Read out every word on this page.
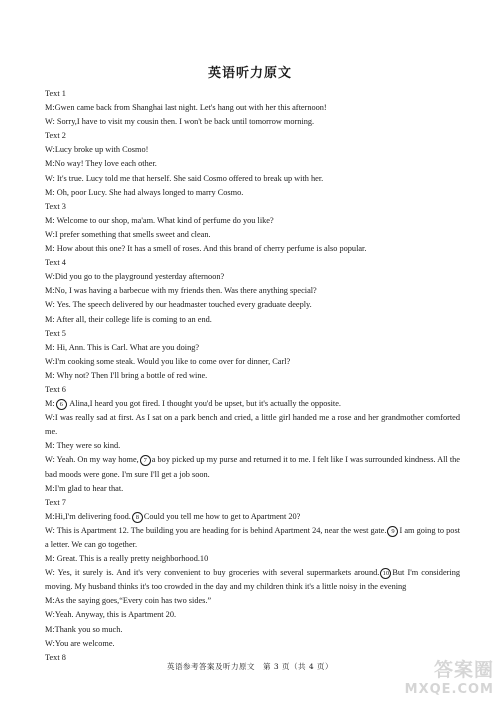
英语听力原文
Text 1
M:Gwen came back from Shanghai last night. Let's hang out with her this afternoon!
W: Sorry,I have to visit my cousin then. I won't be back until tomorrow morning.
Text 2
W:Lucy broke up with Cosmo!
M:No way! They love each other.
W: It's true. Lucy told me that herself. She said Cosmo offered to break up with her.
M: Oh, poor Lucy. She had always longed to marry Cosmo.
Text 3
M: Welcome to our shop, ma'am. What kind of perfume do you like?
W:I prefer something that smells sweet and clean.
M: How about this one? It has a smell of roses. And this brand of cherry perfume is also popular.
Text 4
W:Did you go to the playground yesterday afternoon?
M:No, I was having a barbecue with my friends then. Was there anything special?
W: Yes. The speech delivered by our headmaster touched every graduate deeply.
M: After all, their college life is coming to an end.
Text 5
M: Hi, Ann. This is Carl. What are you doing?
W:I'm cooking some steak. Would you like to come over for dinner, Carl?
M: Why not? Then I'll bring a bottle of red wine.
Text 6
M: 6 Alina,I heard you got fired. I thought you'd be upset, but it's actually the opposite.
W:I was really sad at first. As I sat on a park bench and cried, a little girl handed me a rose and her grandmother comforted me.
M: They were so kind.
W: Yeah. On my way home, 7 a boy picked up my purse and returned it to me. I felt like I was surrounded kindness. All the bad moods were gone. I'm sure I'll get a job soon.
M:I'm glad to hear that.
Text 7
M:Hi,I'm delivering food. 8 Could you tell me how to get to Apartment 20?
W: This is Apartment 12. The building you are heading for is behind Apartment 24, near the west gate. 9 I am going to post a letter. We can go together.
M: Great. This is a really pretty neighborhood.10
W: Yes, it surely is. And it's very convenient to buy groceries with several supermarkets around. 10 But I'm considering moving. My husband thinks it's too crowded in the day and my children think it's a little noisy in the evening
M:As the saying goes,“Every coin has two sides.”
W:Yeah. Anyway, this is Apartment 20.
M:Thank you so much.
W:You are welcome.
Text 8
英语参考答案及听力原文　第 3 页（共 4 页）	答案圈
MXQE.COM
